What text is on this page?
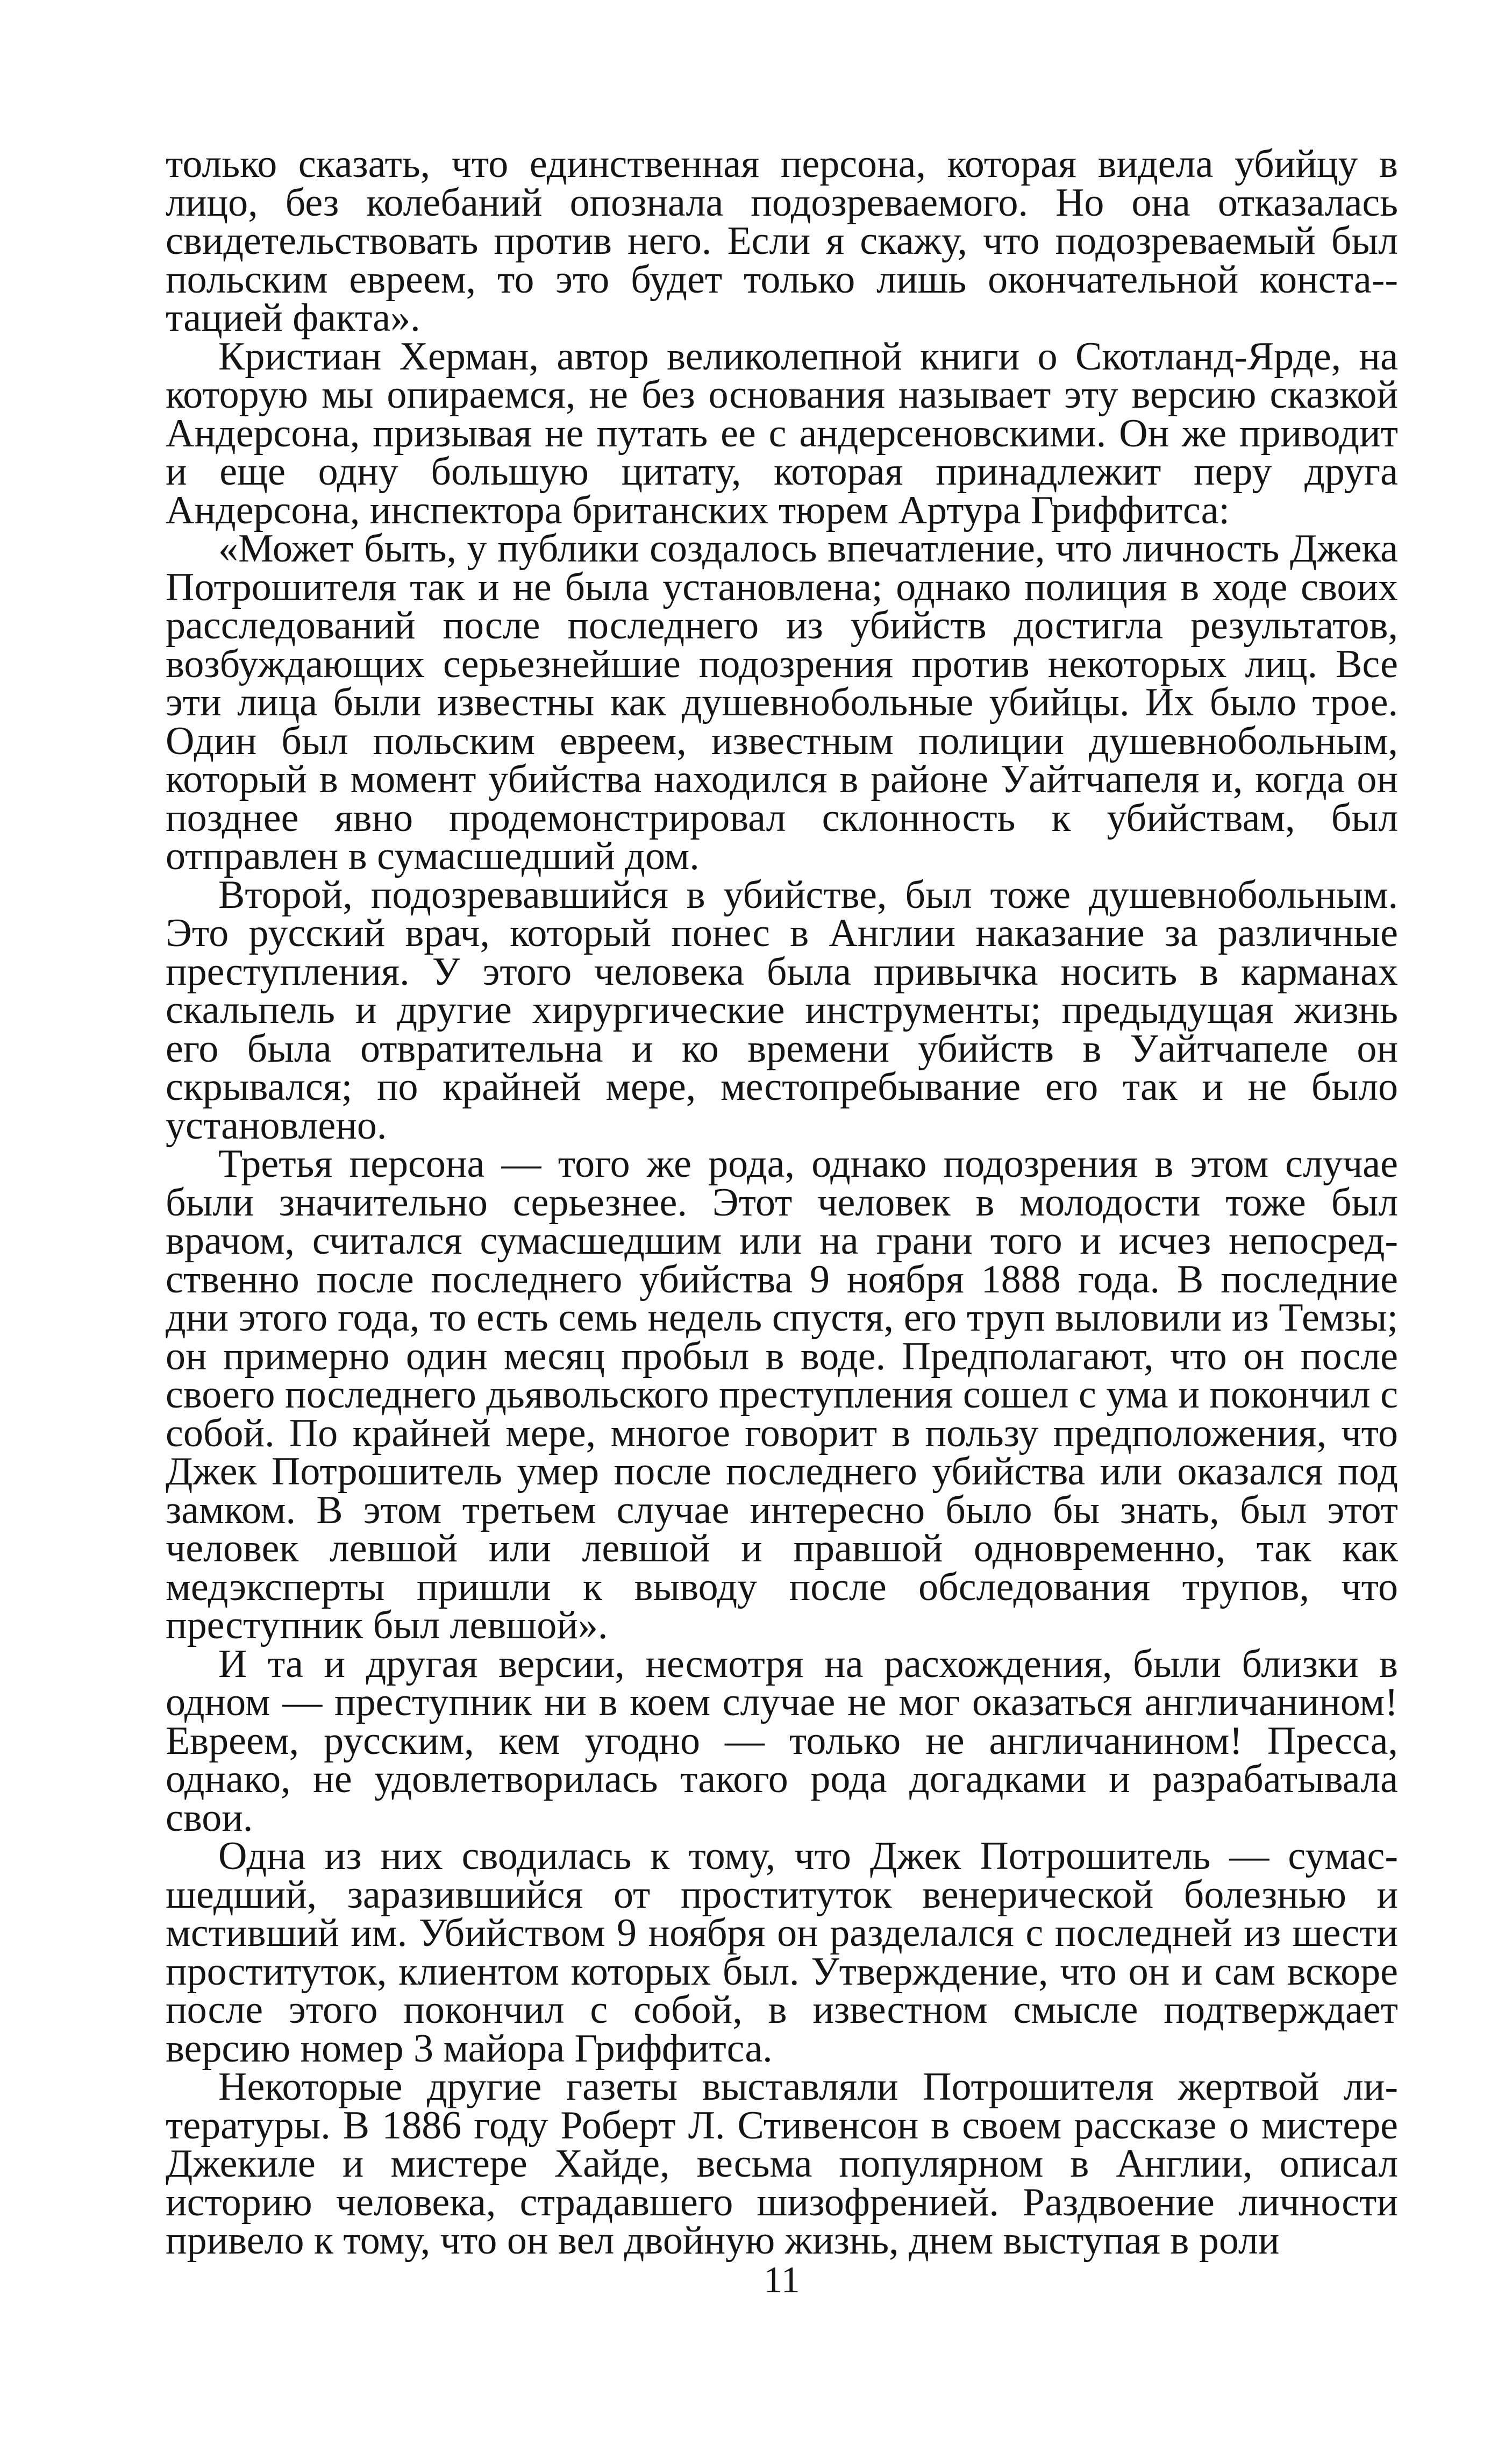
только сказать, что единственная персона, которая видела убийцу в лицо, без колебаний опознала подозреваемого. Но она отказалась свидетельствовать против него. Если я скажу, что подозреваемый был польским евреем, то это будет только лишь окончательной конста-тацией факта».

Кристиан Херман, автор великолепной книги о Скотланд-Ярде, на которую мы опираемся, не без основания называет эту версию сказкой Андерсона, призывая не путать ее с андерсеновскими. Он же приводит и еще одну большую цитату, которая принадлежит перу друга Андерсона, инспектора британских тюрем Артура Гриффитса:

«Может быть, у публики создалось впечатление, что личность Джека Потрошителя так и не была установлена; однако полиция в ходе своих расследований после последнего из убийств достигла результатов, возбуждающих серьезнейшие подозрения против некоторых лиц. Все эти лица были известны как душевнобольные убийцы. Их было трое. Один был польским евреем, известным полиции душевнобольным, который в момент убийства находился в районе Уайтчапеля и, когда он позднее явно продемонстрировал склонность к убийствам, был отправлен в сумасшедший дом.

Второй, подозревавшийся в убийстве, был тоже душевнобольным. Это русский врач, который понес в Англии наказание за различные преступления. У этого человека была привычка носить в карманах скальпель и другие хирургические инструменты; предыдущая жизнь его была отвратительна и ко времени убийств в Уайтчапеле он скрывался; по крайней мере, местопребывание его так и не было установлено.

Третья персона — того же рода, однако подозрения в этом случае были значительно серьезнее. Этот человек в молодости тоже был врачом, считался сумасшедшим или на грани того и исчез непосредственно после последнего убийства 9 ноября 1888 года. В последние дни этого года, то есть семь недель спустя, его труп выловили из Темзы; он примерно один месяц пробыл в воде. Предполагают, что он после своего последнего дьявольского преступления сошел с ума и покончил с собой. По крайней мере, многое говорит в пользу предположения, что Джек Потрошитель умер после последнего убийства или оказался под замком. В этом третьем случае интересно было бы знать, был этот человек левшой или левшой и правшой одновременно, так как медэксперты пришли к выводу после обследования трупов, что преступник был левшой».

И та и другая версии, несмотря на расхождения, были близки в одном — преступник ни в коем случае не мог оказаться англичанином! Евреем, русским, кем угодно — только не англичанином! Пресса, однако, не удовлетворилась такого рода догадками и разрабатывала свои.

Одна из них сводилась к тому, что Джек Потрошитель — сумасшедший, заразившийся от проституток венерической болезнью и мстивший им. Убийством 9 ноября он разделался с последней из шести проституток, клиентом которых был. Утверждение, что он и сам вскоре после этого покончил с собой, в известном смысле подтверждает версию номер 3 майора Гриффитса.

Некоторые другие газеты выставляли Потрошителя жертвой литературы. В 1886 году Роберт Л. Стивенсон в своем рассказе о мистере Джекиле и мистере Хайде, весьма популярном в Англии, описал историю человека, страдавшего шизофренией. Раздвоение личности привело к тому, что он вел двойную жизнь, днем выступая в роли

11
